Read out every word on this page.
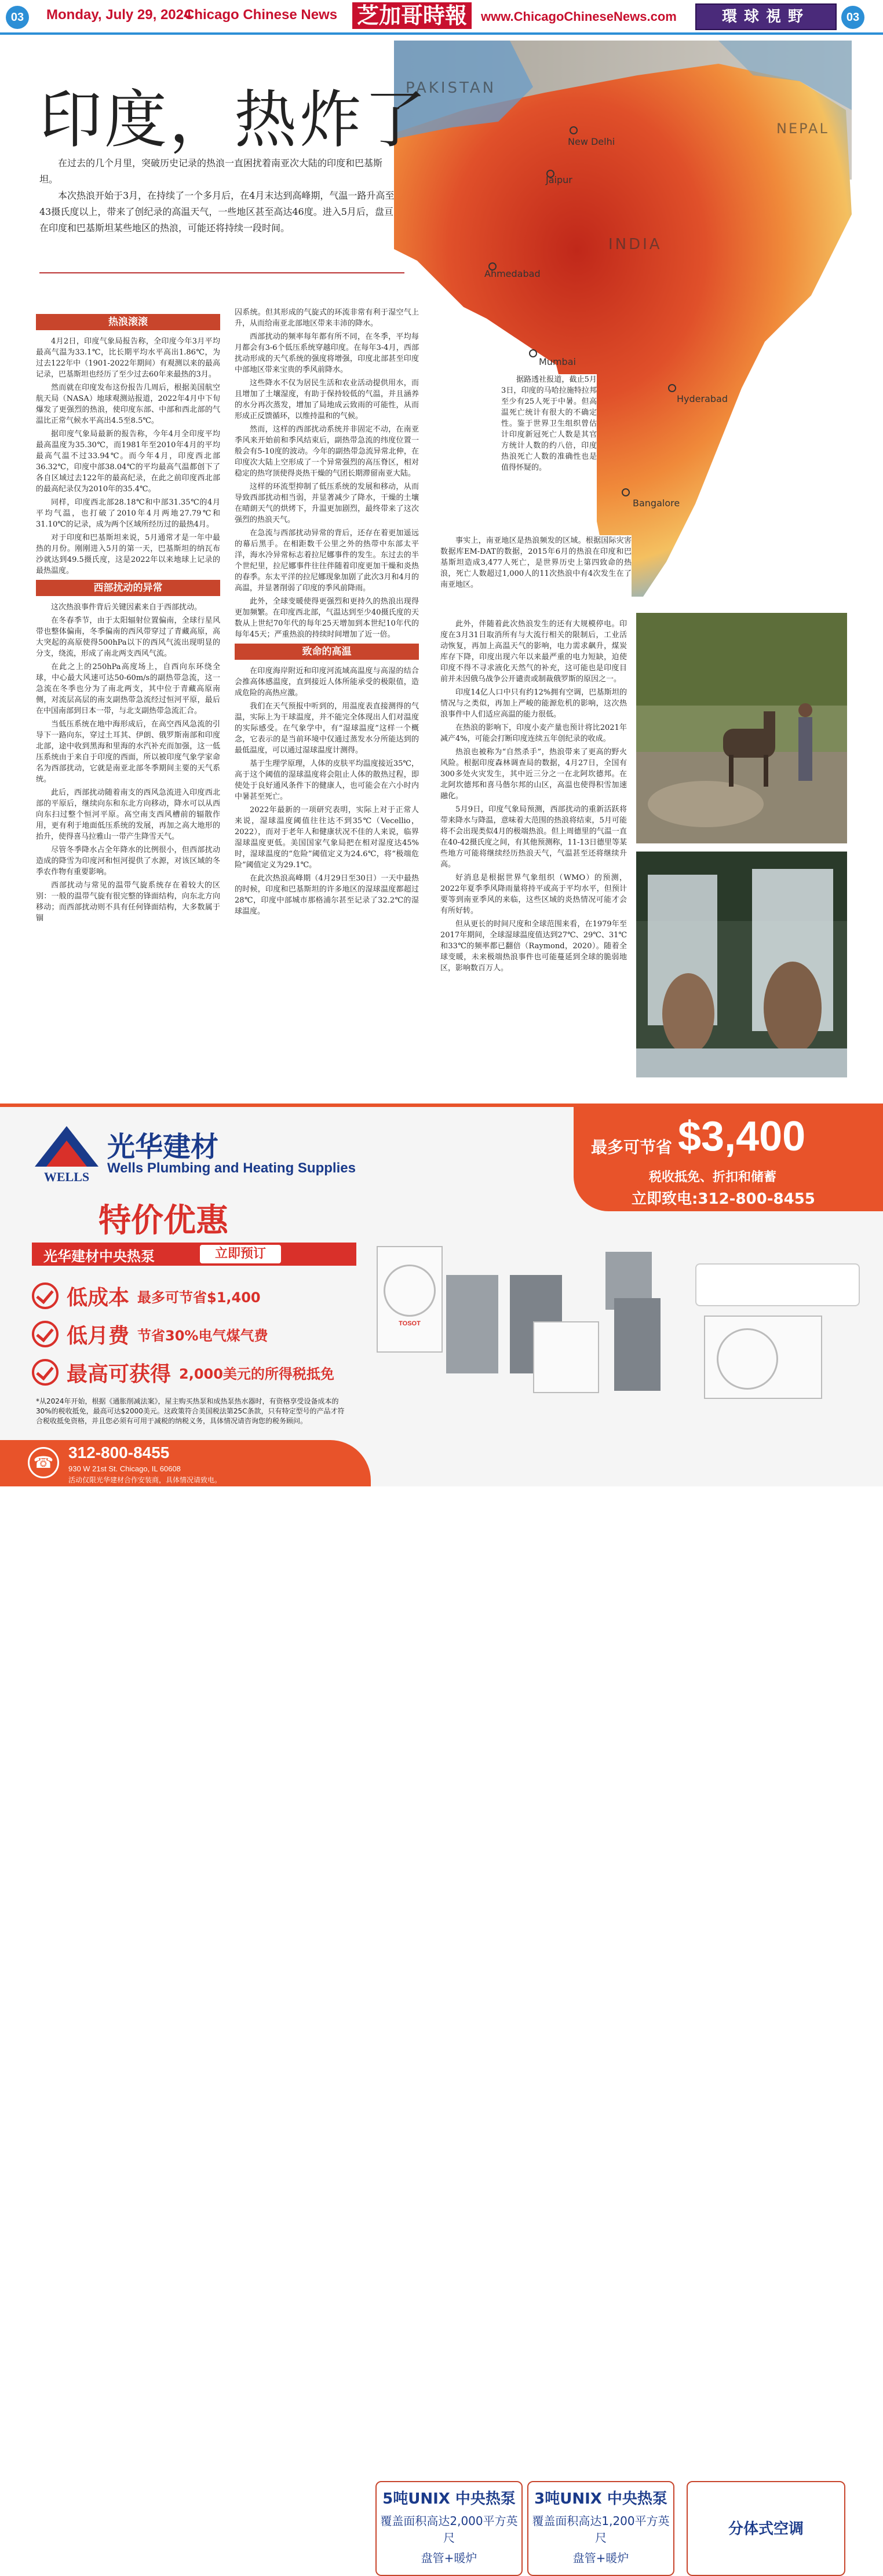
03	Monday, July 29, 2024
Chicago Chinese News 芝加哥時報	www.ChicagoChineseNews.com	環球視野	03
PAKISTAN
New Delhi
NEPAL
Jaipur
INDIA
Ahmedabad
Mumbai
Hyderabad
Bangalore
印度，热炸了

在过去的几个月里，突破历史记录的热浪一直困扰着南亚次大陆的印度和巴基斯坦。

本次热浪开始于3月，在持续了一个多月后，在4月末达到高峰期，气温一路升高至43摄氏度以上，带来了创纪录的高温天气，一些地区甚至高达46度。进入5月后，盘亘在印度和巴基斯坦某些地区的热浪，可能还将持续一段时间。

热浪滚滚

4月2日，印度气象局报告称，全印度今年3月平均最高气温为33.1℃，比长期平均水平高出1.86℃，为过去122年中（1901-2022年期间）有观测以来的最高记录，巴基斯坦也经历了至少过去60年来最热的3月。

然而就在印度发布这份报告几周后，根据美国航空航天局（NASA）地球观测站报道，2022年4月中下旬爆发了更强烈的热浪，使印度东部、中部和西北部的气温比正常气候水平高出4.5至8.5℃。

据印度气象局最新的报告称，今年4月全印度平均最高温度为35.30℃，而1981年至2010年4月的平均最高气温不过33.94℃。而今年4月，印度西北部36.32℃，印度中部38.04℃的平均最高气温都创下了各自区域过去122年的最高纪录，在此之前印度西北部的最高纪录仅为2010年的35.4℃。

同样，印度西北部28.18℃和中部31.35℃的4月平均气温，也打破了2010年4月两地27.79℃和31.10℃的记录，成为两个区域所经历过的最热4月。

对于印度和巴基斯坦来说，5月通常才是一年中最热的月份。刚刚进入5月的第一天，巴基斯坦的纳瓦布沙就达到49.5摄氏度，这是2022年以来地球上记录的最热温度。

西部扰动的异常

这次热浪事件背后关键因素来自于西部扰动。

在冬春季节，由于太阳辐射位置偏南，全球行星风带也整体偏南，冬季偏南的西风带穿过了青藏高原，高大突起的高原使得500hPa以下的西风气流出现明显的分支，绕流，形成了南北两支西风气流。

在此之上的250hPa高度场上，自西向东环绕全球，中心最大风速可达50-60m/s的副热带急流，这一急流在冬季也分为了南北两支，其中位于青藏高原南侧，对流层高层的南支副热带急流经过恒河平原，最后在中国南部到日本一带，与北支副热带急流汇合。

当低压系统在地中海形成后，在高空西风急流的引导下一路向东，穿过土耳其、伊朗、俄罗斯南部和印度北部，途中收到黑海和里海的水汽补充而加强，这一低压系统由于来自于印度的西面，所以被印度气象学家命名为西部扰动，它就是南亚北部冬季期间主要的天气系统。

此后，西部扰动随着南支的西风急流进入印度西北部的平原后，继续向东和东北方向移动，降水可以从西向东扫过整个恒河平原。高空南支西风槽前的辐散作用，更有利于地面低压系统的发展，再加之高大地形的抬升，使得喜马拉雅山一带产生降雪天气。

尽管冬季降水占全年降水的比例很小，但西部扰动造成的降雪为印度河和恒河提供了水源，对该区域的冬季农作物有重要影响。

西部扰动与常见的温带气旋系统存在着较大的区别：一般的温带气旋有很完整的锋面结构，向东北方向移动；而西部扰动则不具有任何锋面结构，大多数属于锢

囚系统。但其形成的气旋式的环流非常有利于湿空气上升，从而给南亚北部地区带来丰沛的降水。

西部扰动的频率每年都有所不同，在冬季，平均每月都会有3-6个低压系统穿越印度。在每年3-4月，西部扰动形成的天气系统的强度将增强，印度北部甚至印度中部地区带来宝贵的季风前降水。

这些降水不仅为居民生活和农业活动提供用水，而且增加了土壤湿度，有助于保持较低的气温，并且涵养的水分再次蒸发，增加了局地成云致雨的可能性，从而形成正反馈循环，以维持温和的气候。

然而，这样的西部扰动系统并非固定不动，在南亚季风来开始前和季风结束后，副热带急流的纬度位置一般会有5-10度的波动。今年的副热带急流异常北伸，在印度次大陆上空形成了一个异常强烈的高压脊区，相对稳定的热穹顶使得炎热干燥的气团长期滞留南亚大陆。

这样的环流型抑制了低压系统的发展和移动，从而导致西部扰动相当弱，并显著减少了降水，干燥的土壤在晴朗天气的烘烤下，升温更加剧烈，最终带来了这次强烈的热浪天气。

在急流与西部扰动异常的背后，还存在着更加遥远的幕后黑手。在相距数千公里之外的热带中东部太平洋，海水冷异常标志着拉尼娜事件的发生。东过去的半个世纪里，拉尼娜事件往往伴随着印度更加干燥和炎热的春季。东太平洋的拉尼娜现象加剧了此次3月和4月的高温，并显著削弱了印度的季风前降雨。

此外，全球变暖使得更强烈和更持久的热浪出现得更加频繁。在印度西北部，气温达到至少40摄氏度的天数从上世纪70年代的每年25天增加到本世纪10年代的每年45天；严重热浪的持续时间增加了近一倍。

致命的高温

在印度海岸附近和印度河流域高温度与高湿的结合会推高体感温度，直到接近人体所能承受的极限值，造成危险的高热应激。

我们在天气预报中听到的，用温度表直接测得的气温，实际上为干球温度，并不能完全体现出人们对温度的实际感受。在气象学中，有“湿球温度”这样一个概念，它表示的是当前环境中仅通过蒸发水分所能达到的最低温度，可以通过湿球温度计测得。

基于生理学原理，人体的皮肤平均温度接近35℃，高于这个阈值的湿球温度将会阻止人体的散热过程，即使处于良好通风条件下的健康人，也可能会在六小时内中暑甚至死亡。

2022年最新的一项研究表明，实际上对于正常人来说，湿球温度阈值往往达不到35℃（Vecellio，2022），而对于老年人和健康状况不佳的人来说，临界湿球温度更低。美国国家气象局把在相对湿度达45%时，湿球温度的“危险”阈值定义为24.6℃，将“极端危险”阈值定义为29.1℃。

在此次热浪高峰期（4月29日至30日）一天中最热的时候，印度和巴基斯坦的许多地区的湿球温度都超过28℃，印度中部城市那格浦尔甚至记录了32.2℃的湿球温度。

据路透社报道，截止5月3日，印度的马哈拉施特拉邦至少有25人死于中暑。但高温死亡统计有很大的不确定性。鉴于世界卫生组织曾估计印度新冠死亡人数是其官方统计人数的约八倍，印度热浪死亡人数的准确性也是值得怀疑的。

事实上，南亚地区是热浪频发的区域。根据国际灾害数据库EM-DAT的数据，2015年6月的热浪在印度和巴基斯坦造成3,477人死亡，是世界历史上第四致命的热浪，死亡人数超过1,000人的11次热浪中有4次发生在了南亚地区。

此外，伴随着此次热浪发生的还有大规模停电。印度在3月31日取消所有与大流行相关的限制后，工业活动恢复，再加上高温天气的影响，电力需求飙升，煤炭库存下降，印度出现六年以来最严重的电力短缺，迫使印度不得不寻求液化天然气的补充，这可能也是印度目前并未因俄乌战争公开谴责或制裁俄罗斯的原因之一。

印度14亿人口中只有约12%拥有空调，巴基斯坦的情况与之类似，再加上严峻的能源危机的影响，这次热浪事件中人们适应高温的能力很低。

在热浪的影响下，印度小麦产量也预计将比2021年减产4%，可能会打断印度连续五年创纪录的收成。

热浪也被称为“自然杀手”，热浪带来了更高的野火风险。根据印度森林调查局的数据，4月27日，全国有300多处火灾发生，其中近三分之一在北阿坎德邦。在北阿坎德邦和喜马偕尔邦的山区，高温也使得积雪加速融化。

5月9日，印度气象局预测，西部扰动的重新活跃将带来降水与降温，意味着大范围的热浪将结束，5月可能将不会出现类似4月的极端热浪。但上周德里的气温一直在40-42摄氏度之间，有其他预测称，11-13日德里等某些地方可能将继续经历热浪天气，气温甚至还将继续升高。

好消息是根据世界气象组织（WMO）的预测，2022年夏季季风降雨量将持平或高于平均水平，但预计要等到南亚季风的来临，这些区域的炎热情况可能才会有所好转。

但从更长的时间尺度和全球范围来看，在1979年至2017年期间，全球湿球温度值达到27℃、29℃、31℃和33℃的频率都已翻倍（Raymond，2020）。随着全球变暖，未来极端热浪事件也可能蔓延到全球的脆弱地区，影响数百万人。

WELLS
光华建材
Wells Plumbing and Heating Supplies
最多可节省 $3,400
税收抵免、折扣和储蓄
立即致电:312-800-8455
特价优惠
光华建材中央热泵	立即预订
低成本 最多可节省$1,400
低月费 节省30%电气煤气费
最高可获得 2,000美元的所得税抵免
*从2024年开始，根据《通胀削减法案》，屋主购买热泵和成热泵热水器时，有资格享受设备成本的30%的税收抵免，最高可达$2000美元。这政策符合美国税法第25C条款，只有特定型号的产品才符合税收抵免资格，并且您必须有可用于减税的纳税义务，具体情况请咨询您的税务顾问。
☎
312-800-8455
930 W 21st St. Chicago, IL 60608
活动仅限光华建材合作安装商，具体情况请致电。
TOSOT
5吨UNIX 中央热泵
覆盖面积高达2,000平方英尺
盘管+暖炉
3吨UNIX 中央热泵
覆盖面积高达1,200平方英尺
盘管+暖炉
分体式空调
